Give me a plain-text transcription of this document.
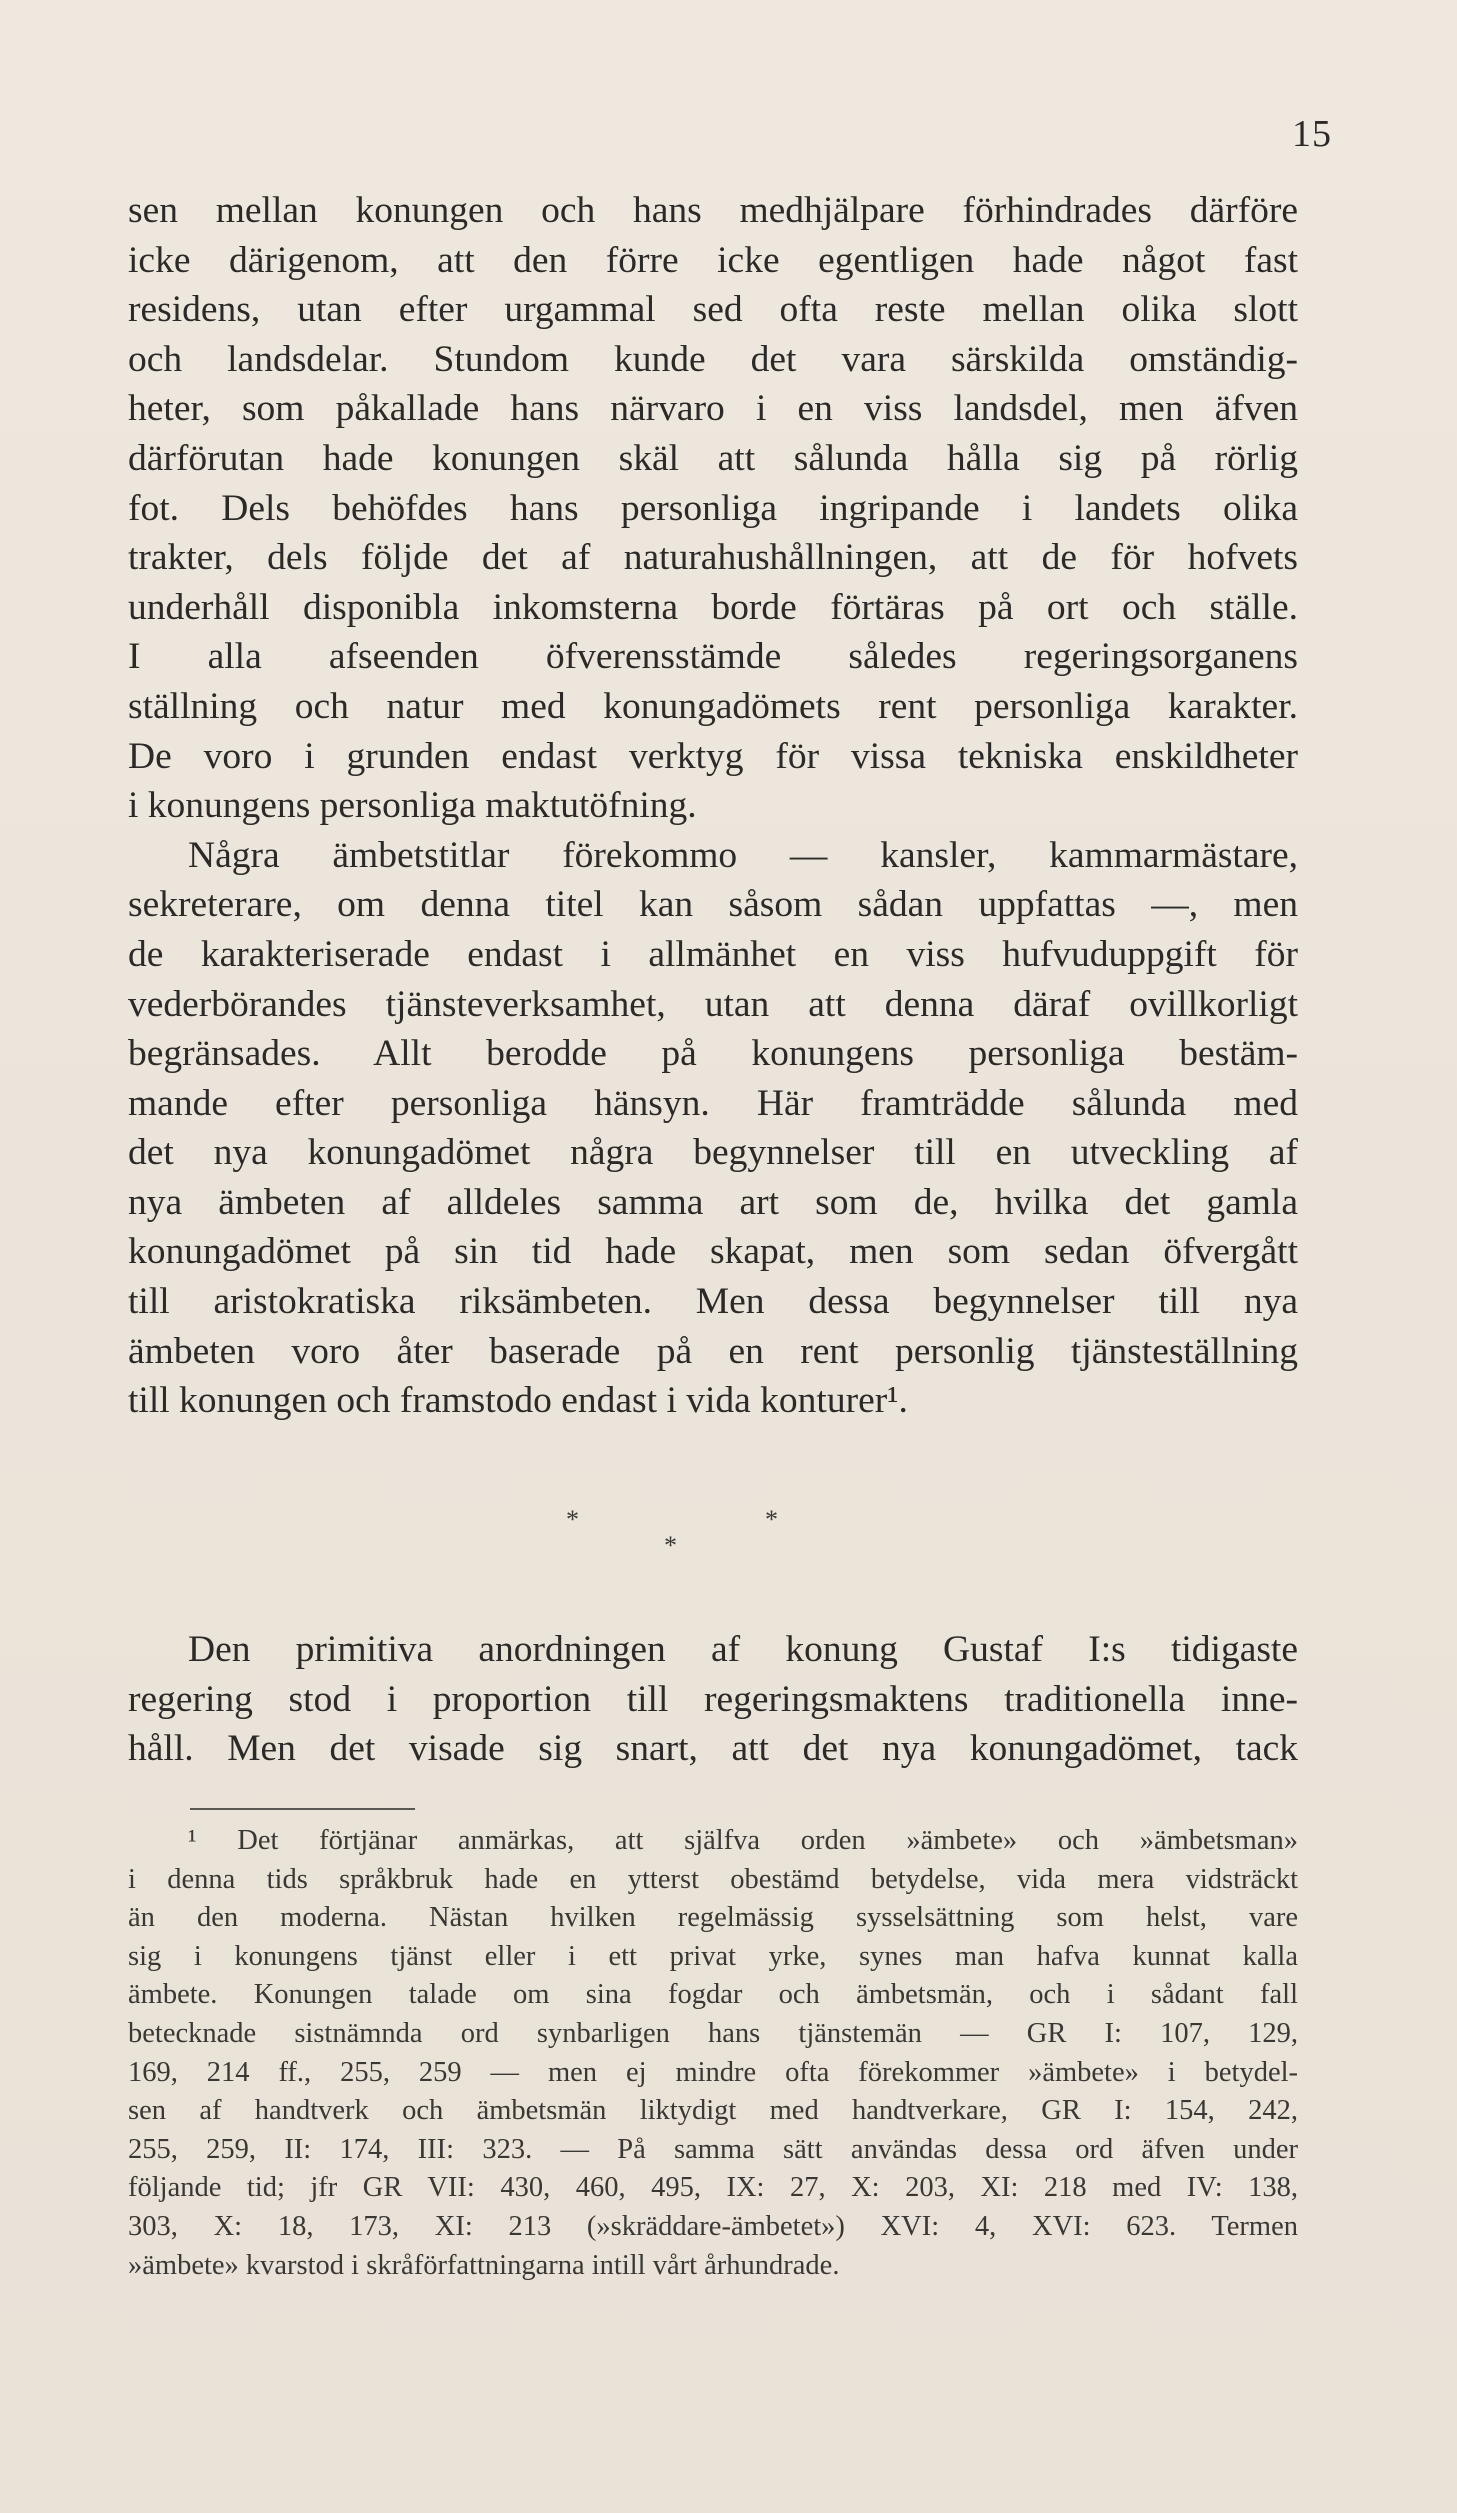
15
sen mellan konungen och hans medhjälpare förhindrades därföre
icke därigenom, att den förre icke egentligen hade något fast
residens, utan efter urgammal sed ofta reste mellan olika slott
och landsdelar. Stundom kunde det vara särskilda omständig-
heter, som påkallade hans närvaro i en viss landsdel, men äfven
därförutan hade konungen skäl att sålunda hålla sig på rörlig
fot. Dels behöfdes hans personliga ingripande i landets olika
trakter, dels följde det af naturahushållningen, att de för hofvets
underhåll disponibla inkomsterna borde förtäras på ort och ställe.
I alla afseenden öfverensstämde således regeringsorganens
ställning och natur med konungadömets rent personliga karakter.
De voro i grunden endast verktyg för vissa tekniska enskildheter
i konungens personliga maktutöfning.
Några ämbetstitlar förekommo — kansler, kammarmästare,
sekreterare, om denna titel kan såsom sådan uppfattas —, men
de karakteriserade endast i allmänhet en viss hufvuduppgift för
vederbörandes tjänsteverksamhet, utan att denna däraf ovillkorligt
begränsades. Allt berodde på konungens personliga bestäm-
mande efter personliga hänsyn. Här framträdde sålunda med
det nya konungadömet några begynnelser till en utveckling af
nya ämbeten af alldeles samma art som de, hvilka det gamla
konungadömet på sin tid hade skapat, men som sedan öfvergått
till aristokratiska riksämbeten. Men dessa begynnelser till nya
ämbeten voro åter baserade på en rent personlig tjänsteställning
till konungen och framstodo endast i vida konturer¹.
*	*
*
Den primitiva anordningen af konung Gustaf I:s tidigaste
regering stod i proportion till regeringsmaktens traditionella inne-
håll. Men det visade sig snart, att det nya konungadömet, tack
¹ Det förtjänar anmärkas, att själfva orden »ämbete» och »ämbetsman»
i denna tids språkbruk hade en ytterst obestämd betydelse, vida mera vidsträckt
än den moderna. Nästan hvilken regelmässig sysselsättning som helst, vare
sig i konungens tjänst eller i ett privat yrke, synes man hafva kunnat kalla
ämbete. Konungen talade om sina fogdar och ämbetsmän, och i sådant fall
betecknade sistnämnda ord synbarligen hans tjänstemän — GR I: 107, 129,
169, 214 ff., 255, 259 — men ej mindre ofta förekommer »ämbete» i betydel-
sen af handtverk och ämbetsmän liktydigt med handtverkare, GR I: 154, 242,
255, 259, II: 174, III: 323. — På samma sätt användas dessa ord äfven under
följande tid; jfr GR VII: 430, 460, 495, IX: 27, X: 203, XI: 218 med IV: 138,
303, X: 18, 173, XI: 213 (»skräddare-ämbetet») XVI: 4, XVI: 623. Termen
»ämbete» kvarstod i skråförfattningarna intill vårt århundrade.
